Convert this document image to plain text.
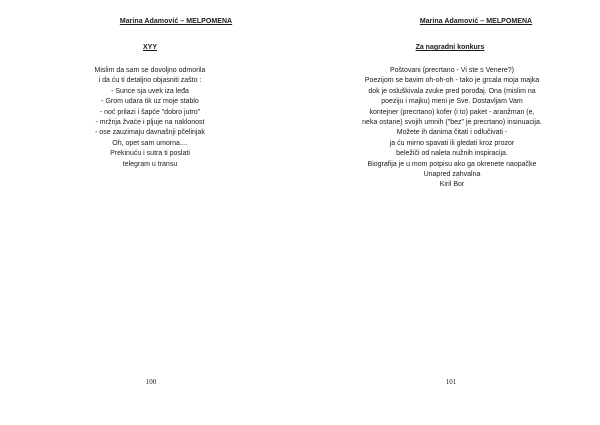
Marina Adamović – MELPOMENA
XYY
Mislim da sam se dovoljno odmorila
i da ću ti detaljno objasniti zašto :
- Sunce sja uvek iza leđa
- Grom udara tik uz moje stablo
- noć prilazi i šapće "dobro jutro"
- mržnja žvaće i pljuje na naklonost
- ose zauzimaju davnašnji pčelinjak
Oh, opet sam umorna....
Prekinuću i sutra ti poslati
telegram u transu
100
Marina Adamović – MELPOMENA
Za nagradni konkurs
Poštovani (precrtano - Vi ste s Venere?)
Poezijom se bavim oh-oh-oh - tako je grcala moja majka
dok je osluškivala zvuke pred porođaj. Ona (mislim na
poeziju i majku) meni je Sve. Dostavljam Vam
kontejner (precrtano) kofer (i to) paket - aranžman (e,
neka ostane) svojih umnih ("bez" je precrtano) insinuacija.
Možete ih danima čitati i odlučivati -
ja ću mirno spavati ili gledati kroz prozor
beležiči od naleta nužnih inspiracija.
Biografija je u mom potpisu ako ga okrenete naopačke
Unapred zahvalna
Kiril Bor
101
